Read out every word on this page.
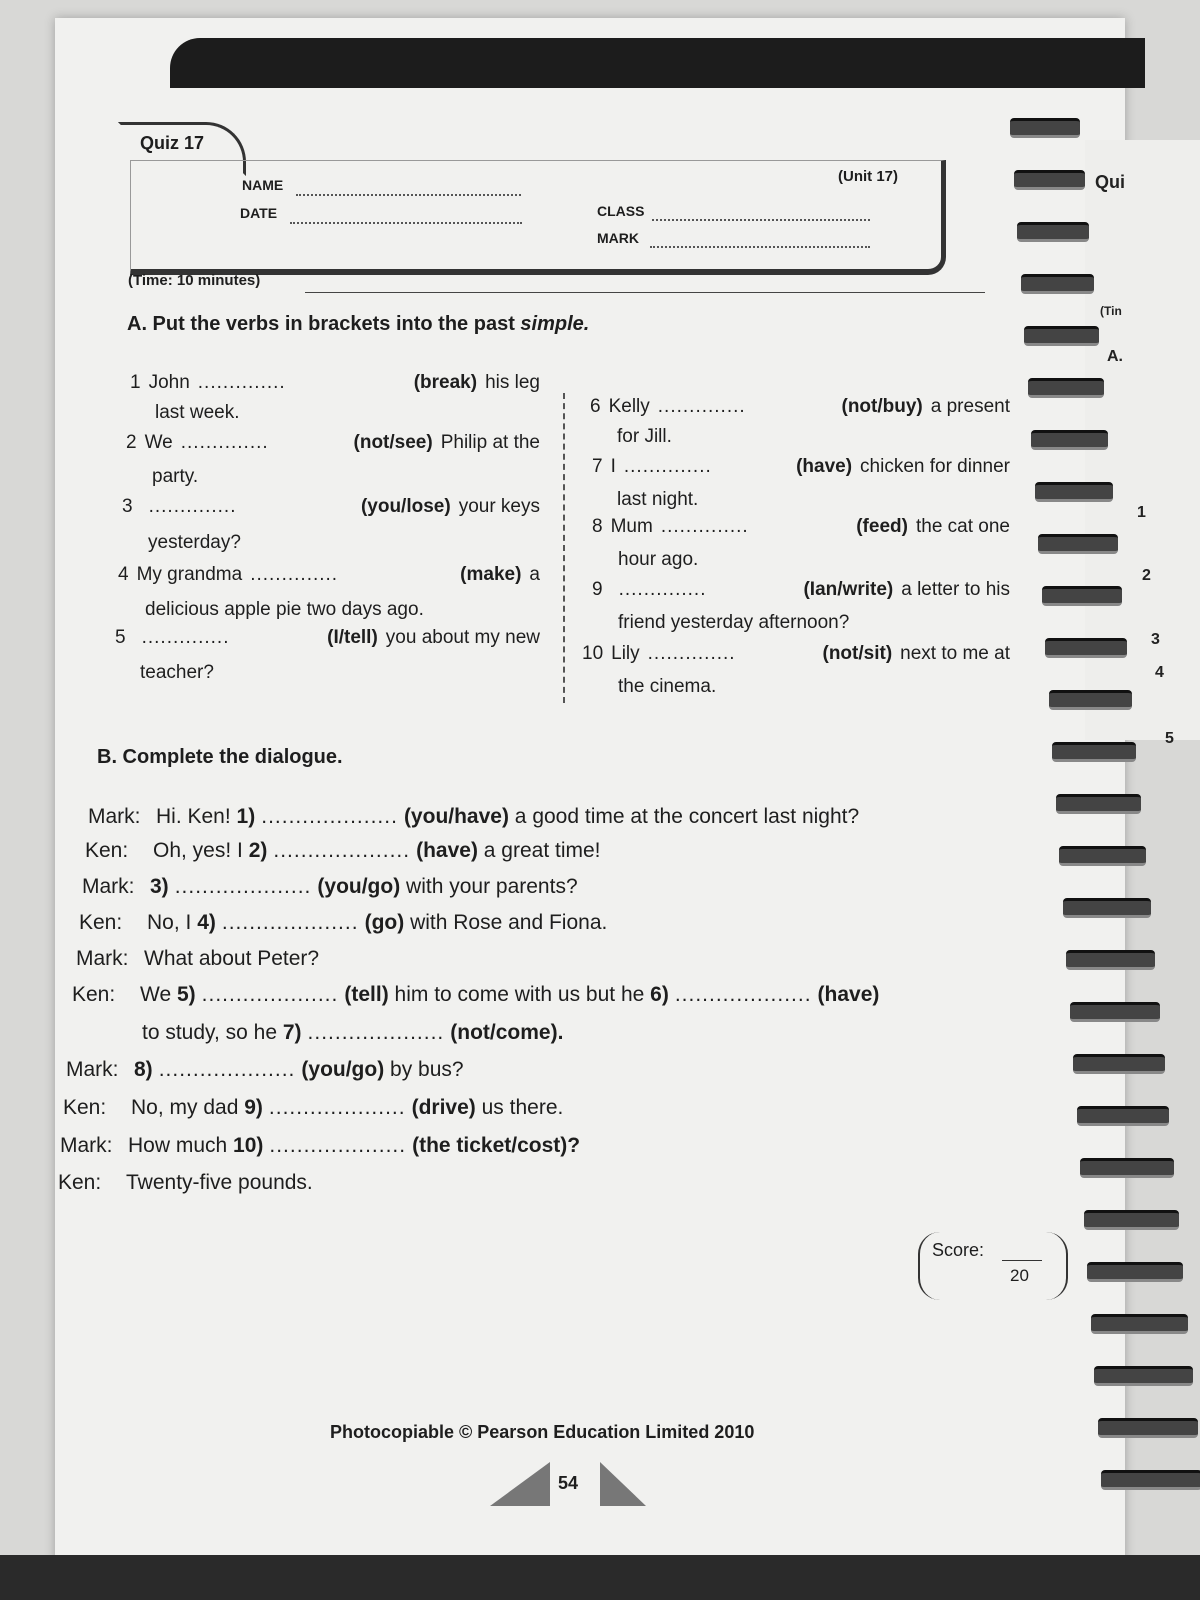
Quiz 17
(Unit 17)
NAME
DATE	CLASS
MARK
(Time: 10 minutes)
A. Put the verbs in brackets into the past simple.
1 John ..............	(break) his leg
last week.
2 We ..............	(not/see) Philip at the
party.
3 ..............	(you/lose) your keys
yesterday?
4 My grandma ..............	(make) a
delicious apple pie two days ago.
5 ..............	(I/tell) you about my new
teacher?
6 Kelly ..............	(not/buy) a present
for Jill.
7 I ..............	(have) chicken for dinner
last night.
8 Mum ..............	(feed) the cat one
hour ago.
9 ..............	(Ian/write) a letter to his
friend yesterday afternoon?
10 Lily ..............	(not/sit) next to me at
the cinema.
B. Complete the dialogue.
Mark: Hi. Ken! 1) .................... (you/have) a good time at the concert last night?
Ken: Oh, yes! I 2) .................... (have) a great time!
Mark: 3) .................... (you/go) with your parents?
Ken: No, I 4) .................... (go) with Rose and Fiona.
Mark: What about Peter?
Ken: We 5) .................... (tell) him to come with us but he 6) .................... (have)
to study, so he 7) .................... (not/come).
Mark: 8) .................... (you/go) by bus?
Ken: No, my dad 9) .................... (drive) us there.
Mark: How much 10) .................... (the ticket/cost)?
Ken: Twenty-five pounds.
Score:
20
Photocopiable © Pearson Education Limited 2010
54
Qui
(Tin
A.
1
2
3
4
5
